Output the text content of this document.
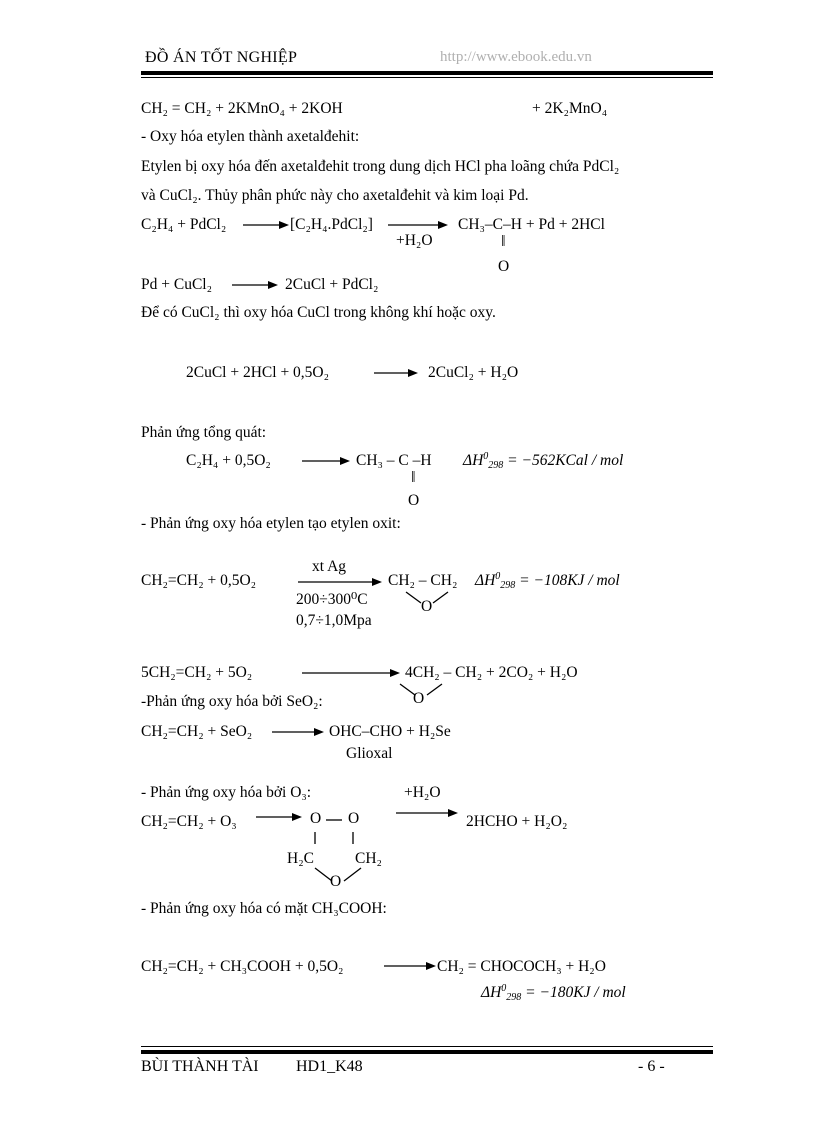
ĐỒ ÁN TỐT NGHIỆP	http://www.ebook.edu.vn
CH₂ = CH₂ + 2KMnO₄ + 2KOH	+ 2K₂MnO₄
- Oxy hóa etylen thành axetalđehit:
Etylen bị oxy hóa đến axetalđehit trong dung dịch HCl pha loãng chứa PdCl₂
và CuCl₂. Thủy phân phức này cho axetalđehit và kim loại Pd.
C₂H₄ + PdCl₂	[C₂H₄.PdCl₂]
+H₂O
CH₃–C–H + Pd + 2HCl
‖
O
Pd + CuCl₂	2CuCl + PdCl₂
Để có CuCl₂ thì oxy hóa CuCl trong không khí hoặc oxy.
2CuCl + 2HCl + 0,5O₂	2CuCl₂ + H₂O
Phản ứng tổng quát:
C₂H₄ + 0,5O₂	CH₃ – C –H $\Delta H^0_{298}$ = −562KCal / mol
‖
O
- Phản ứng oxy hóa etylen tạo etylen oxit:
xt Ag
CH₂=CH₂ + 0,5O₂
200÷300⁰C
0,7÷1,0Mpa
CH₂ – CH₂
O
$\Delta H^0_{298} = -108KJ$ / mol
5CH₂=CH₂ + 5O₂	4CH₂ – CH₂ + 2CO₂ + H₂O
O
-Phản ứng oxy hóa bởi SeO₂:
CH₂=CH₂ + SeO₂	OHC–CHO + H₂Se
Glioxal
- Phản ứng oxy hóa bởi O₃:	+H₂O
CH₂=CH₂ + O₃	O O	2HCHO + H₂O₂
H₂C	CH₂
O
- Phản ứng oxy hóa có mặt CH₃COOH:
CH₂=CH₂ + CH₃COOH + 0,5O₂	CH₂ = CHOCOCH₃ + H₂O
$\Delta H^0_{298} = -180KJ$ / mol
BÙI THÀNH TÀI HD1_K48	- 6 -
